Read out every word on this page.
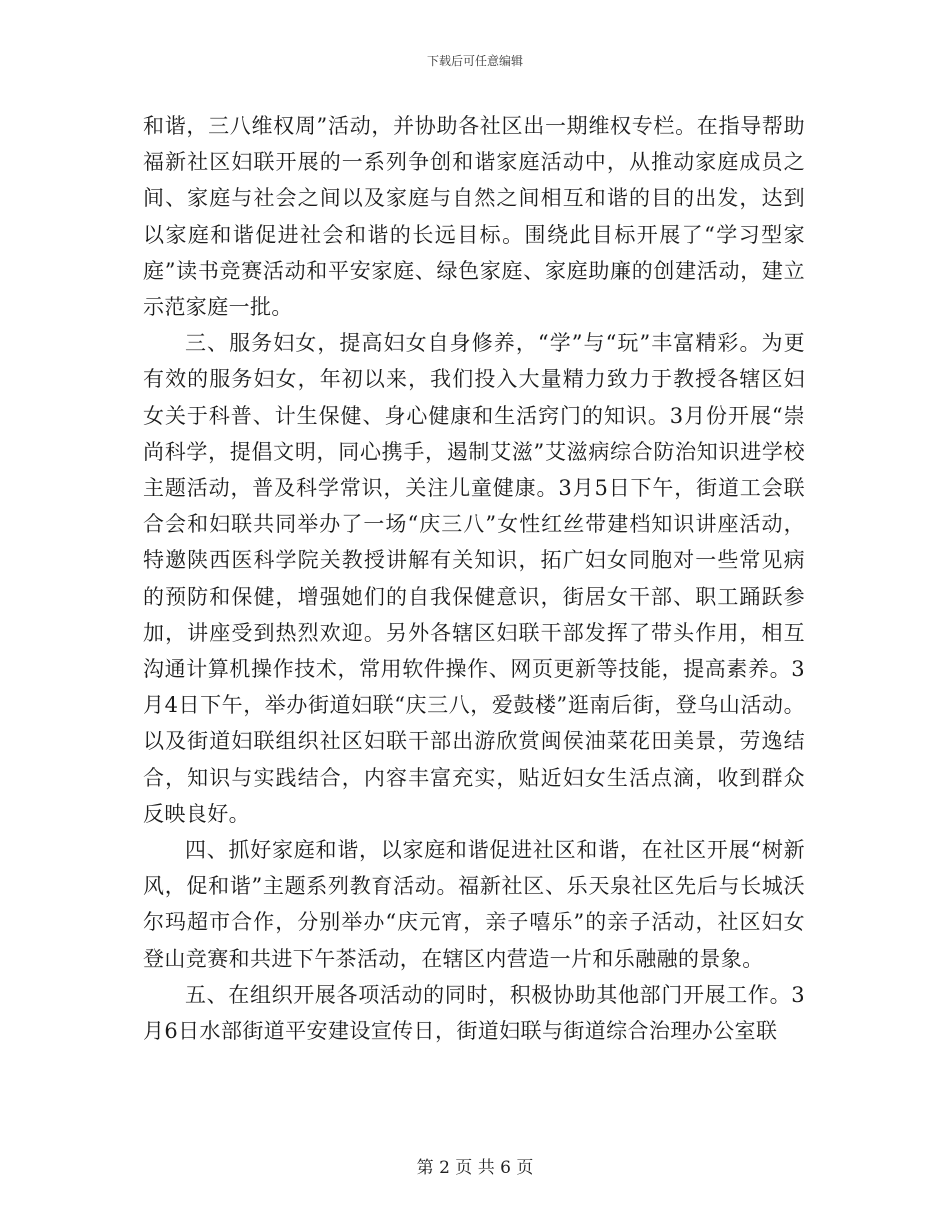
下载后可任意编辑

和谐，三八维权周”活动，并协助各社区出一期维权专栏。在指导帮助福新社区妇联开展的一系列争创和谐家庭活动中，从推动家庭成员之间、家庭与社会之间以及家庭与自然之间相互和谐的目的出发，达到以家庭和谐促进社会和谐的长远目标。围绕此目标开展了“学习型家庭”读书竞赛活动和平安家庭、绿色家庭、家庭助廉的创建活动，建立示范家庭一批。

三、服务妇女，提高妇女自身修养，“学”与“玩”丰富精彩。为更有效的服务妇女，年初以来，我们投入大量精力致力于教授各辖区妇女关于科普、计生保健、身心健康和生活窍门的知识。3月份开展“崇尚科学，提倡文明，同心携手，遏制艾滋”艾滋病综合防治知识进学校主题活动，普及科学常识，关注儿童健康。3月5日下午，街道工会联合会和妇联共同举办了一场“庆三八”女性红丝带建档知识讲座活动，特邀陕西医科学院关教授讲解有关知识，拓广妇女同胞对一些常见病的预防和保健，增强她们的自我保健意识，街居女干部、职工踊跃参加，讲座受到热烈欢迎。另外各辖区妇联干部发挥了带头作用，相互沟通计算机操作技术，常用软件操作、网页更新等技能，提高素养。3月4日下午，举办街道妇联“庆三八，爱鼓楼”逛南后街，登乌山活动。以及街道妇联组织社区妇联干部出游欣赏闽侯油菜花田美景，劳逸结合，知识与实践结合，内容丰富充实，贴近妇女生活点滴，收到群众反映良好。

四、抓好家庭和谐，以家庭和谐促进社区和谐，在社区开展“树新风，促和谐”主题系列教育活动。福新社区、乐天泉社区先后与长城沃尔玛超市合作，分别举办“庆元宵，亲子嘻乐”的亲子活动，社区妇女登山竞赛和共进下午茶活动，在辖区内营造一片和乐融融的景象。

五、在组织开展各项活动的同时，积极协助其他部门开展工作。3月6日水部街道平安建设宣传日，街道妇联与街道综合治理办公室联

第 2 页 共 6 页
